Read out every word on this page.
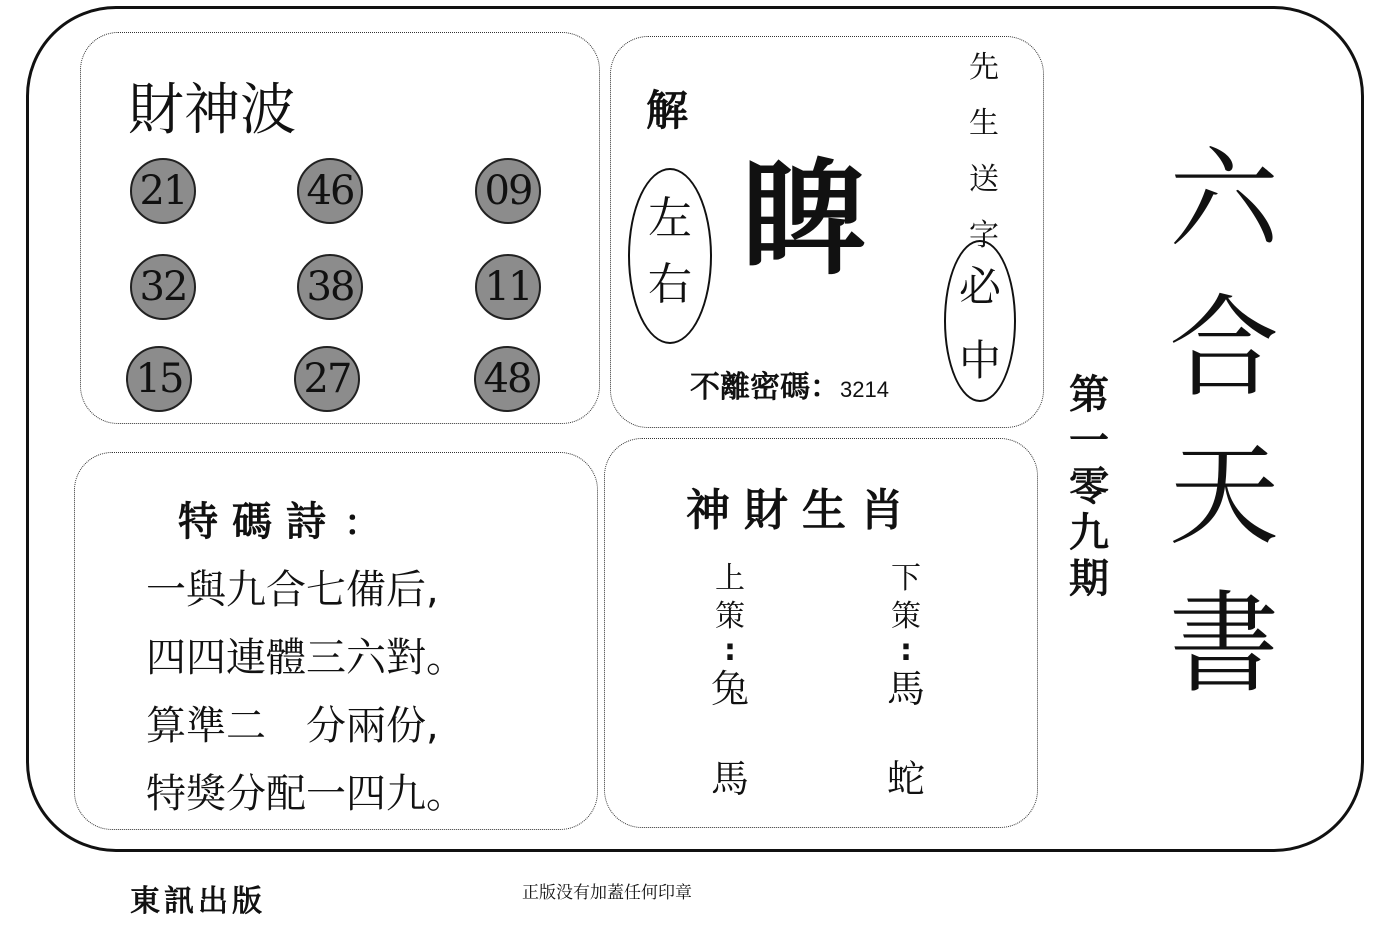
財神波
21	46	09
32	38	11
15	27	48
解
左
右 睥
先
生
送
字
必
中
不離密碼：3214
特碼詩 ：
一與九合七備后,
四四連體三六對。
算準二　分兩份,
特獎分配一四九。
神財生肖
上
策
:
兔
馬
下
策
:
馬
蛇
第
一
零
九
期
六
合
天
書
東訊出版	正版没有加蓋任何印章
